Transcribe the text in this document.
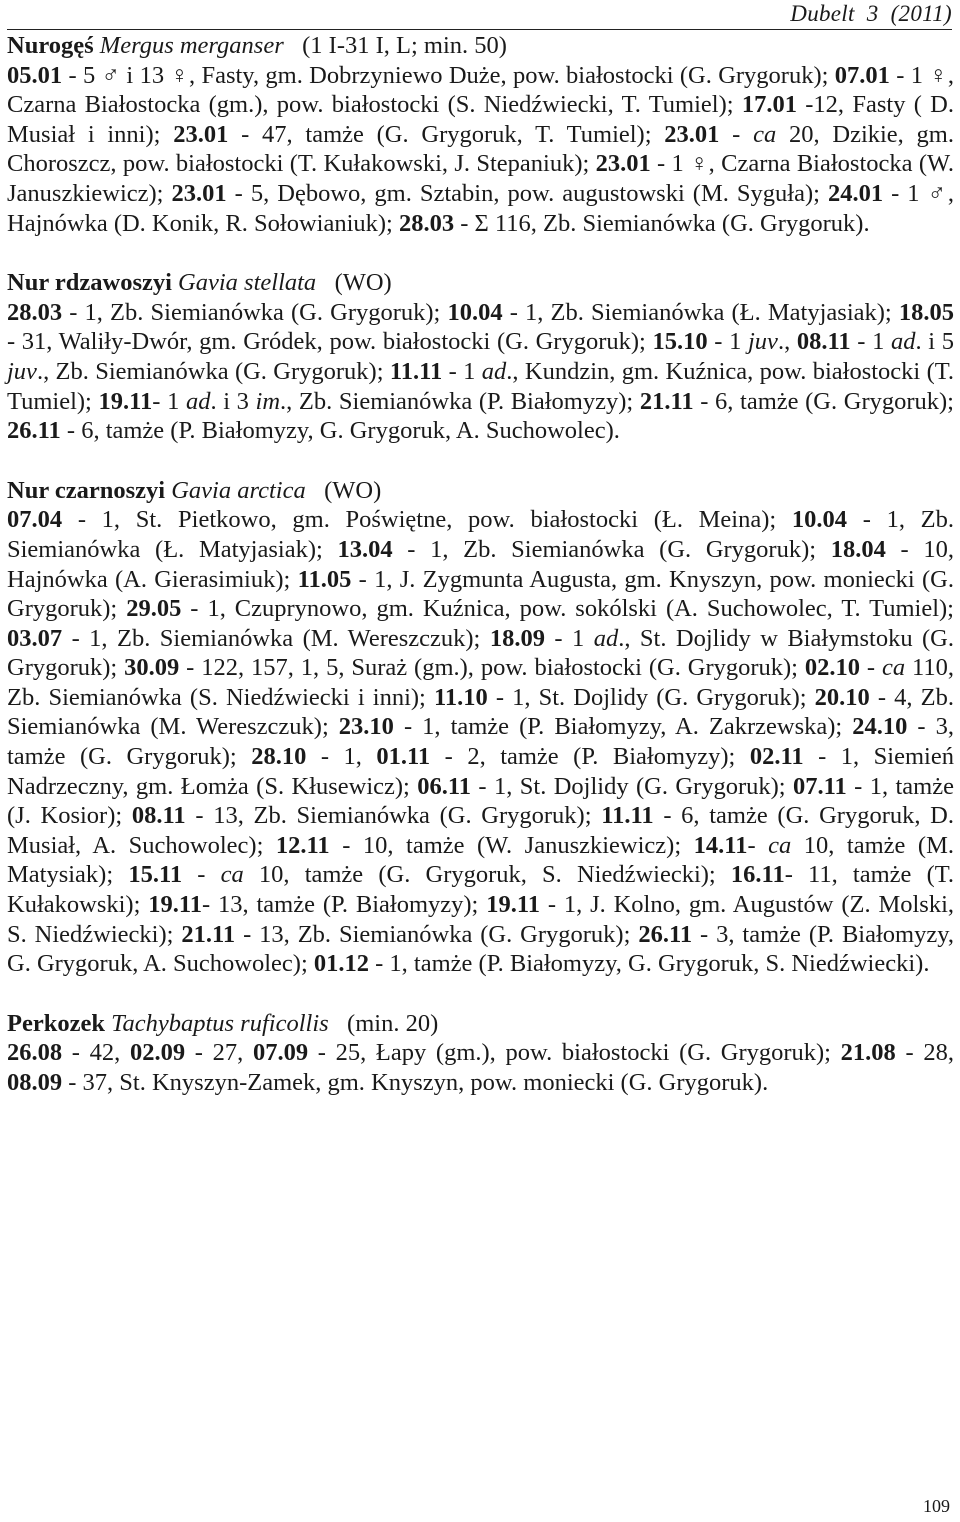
Dubelt 3 (2011)

Nurogęś Mergus merganser (1 I-31 I, L; min. 50)

05.01 - 5 ♂ i 13 ♀, Fasty, gm. Dobrzyniewo Duże, pow. białostocki (G. Grygoruk); 07.01 - 1 ♀, Czarna Białostocka (gm.), pow. białostocki (S. Niedźwiecki, T. Tumiel); 17.01 -12, Fasty ( D. Musiał i inni); 23.01 - 47, tamże (G. Grygoruk, T. Tumiel); 23.01 - ca 20, Dzikie, gm. Choroszcz, pow. białostocki (T. Kułakowski, J. Stepaniuk); 23.01 - 1 ♀, Czarna Białostocka (W. Januszkiewicz); 23.01 - 5, Dębowo, gm. Sztabin, pow. augustowski (M. Sygułа); 24.01 - 1 ♂, Hajnówka (D. Konik, R. Sołowianiuk); 28.03 - Σ 116, Zb. Siemianówka (G. Grygoruk).

Nur rdzawoszyi Gavia stellata (WO)

28.03 - 1, Zb. Siemianówka (G. Grygoruk); 10.04 - 1, Zb. Siemianówka (Ł. Matyjasiak); 18.05 - 31, Waliły-Dwór, gm. Gródek, pow. białostocki (G. Grygoruk); 15.10 - 1 juv., 08.11 - 1 ad. i 5 juv., Zb. Siemianówka (G. Grygoruk); 11.11 - 1 ad., Kundzin, gm. Kuźnica, pow. białostocki (T. Tumiel); 19.11- 1 ad. i 3 im., Zb. Siemianówka (P. Białomyzy); 21.11 - 6, tamże (G. Grygoruk); 26.11 - 6, tamże (P. Białomyzy, G. Grygoruk, A. Suchowolec).

Nur czarnoszyi Gavia arctica (WO)

07.04 - 1, St. Pietkowo, gm. Poświętne, pow. białostocki (Ł. Meina); 10.04 - 1, Zb. Siemianówka (Ł. Matyjasiak); 13.04 - 1, Zb. Siemianówka (G. Grygoruk); 18.04 - 10, Hajnówka (A. Gierasimiuk); 11.05 - 1, J. Zygmunta Augusta, gm. Knyszyn, pow. moniecki (G. Grygoruk); 29.05 - 1, Czuprynowo, gm. Kuźnica, pow. sokólski (A. Suchowolec, T. Tumiel); 03.07 - 1, Zb. Siemianówka (M. Wereszczuk); 18.09 - 1 ad., St. Dojlidy w Białymstoku (G. Grygoruk); 30.09 - 122, 157, 1, 5, Suraż (gm.), pow. białostocki (G. Grygoruk); 02.10 - ca 110, Zb. Siemianówka (S. Niedźwiecki i inni); 11.10 - 1, St. Dojlidy (G. Grygoruk); 20.10 - 4, Zb. Siemianówka (M. Wereszczuk); 23.10 - 1, tamże (P. Białomyzy, A. Zakrzewska); 24.10 - 3, tamże (G. Grygoruk); 28.10 - 1, 01.11 - 2, tamże (P. Białomyzy); 02.11 - 1, Siemień Nadrzeczny, gm. Łomża (S. Kłusewicz); 06.11 - 1, St. Dojlidy (G. Grygoruk); 07.11 - 1, tamże (J. Kosior); 08.11 - 13, Zb. Siemianówka (G. Grygoruk); 11.11 - 6, tamże (G. Grygoruk, D. Musiał, A. Suchowolec); 12.11 - 10, tamże (W. Januszkiewicz); 14.11- ca 10, tamże (M. Matysiak); 15.11 - ca 10, tamże (G. Grygoruk, S. Niedźwiecki); 16.11- 11, tamże (T. Kułakowski); 19.11- 13, tamże (P. Białomyzy); 19.11 - 1, J. Kolno, gm. Augustów (Z. Molski, S. Niedźwiecki); 21.11 - 13, Zb. Siemianówka (G. Grygoruk); 26.11 - 3, tamże (P. Białomyzy, G. Grygoruk, A. Suchowolec); 01.12 - 1, tamże (P. Białomyzy, G. Grygoruk, S. Niedźwiecki).

Perkozek Tachybaptus ruficollis (min. 20)

26.08 - 42, 02.09 - 27, 07.09 - 25, Łapy (gm.), pow. białostocki (G. Grygoruk); 21.08 - 28, 08.09 - 37, St. Knyszyn-Zamek, gm. Knyszyn, pow. moniecki (G. Grygoruk).

109
